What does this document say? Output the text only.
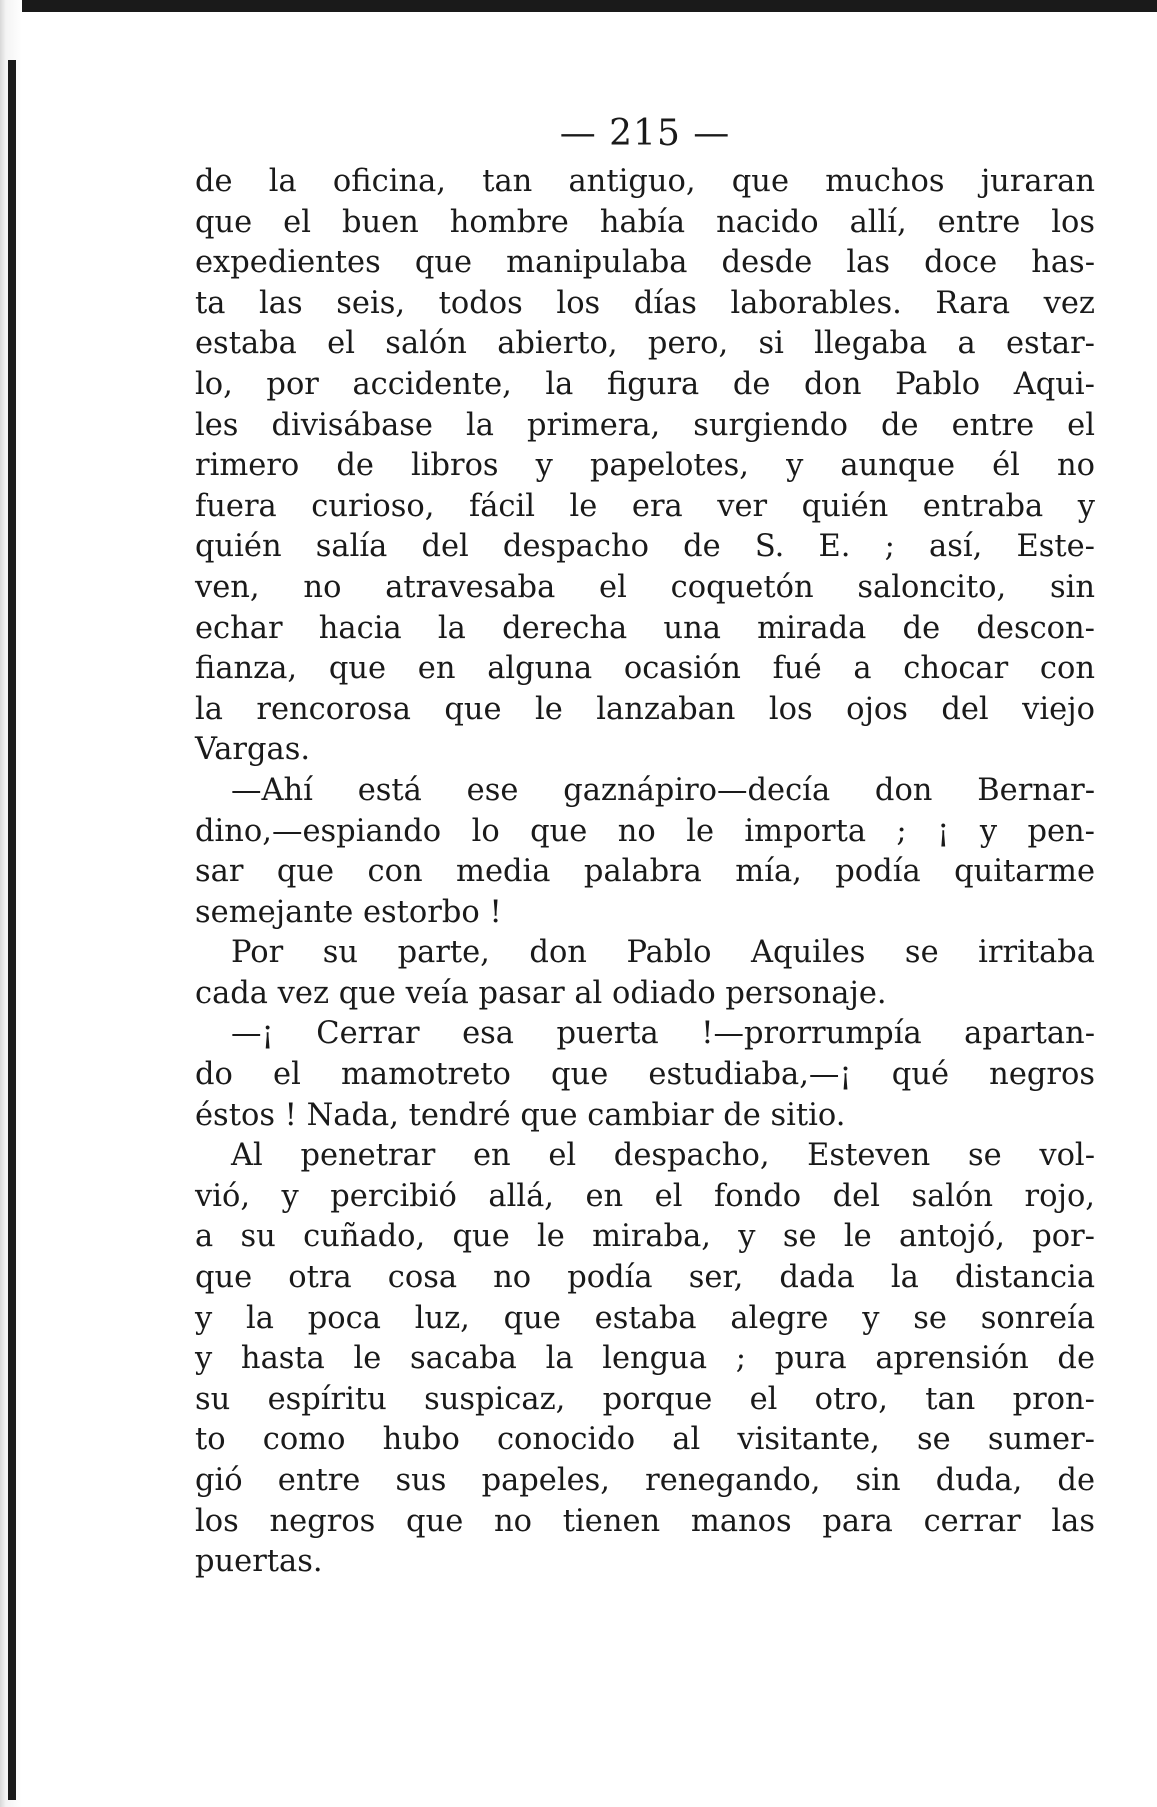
— 215 —
de la oficina, tan antiguo, que muchos juraran
que el buen hombre había nacido allí, entre los
expedientes que manipulaba desde las doce has-
ta las seis, todos los días laborables. Rara vez
estaba el salón abierto, pero, si llegaba a estar-
lo, por accidente, la figura de don Pablo Aqui-
les divisábase la primera, surgiendo de entre el
rimero de libros y papelotes, y aunque él no
fuera curioso, fácil le era ver quién entraba y
quién salía del despacho de S. E. ; así, Este-
ven, no atravesaba el coquetón saloncito, sin
echar hacia la derecha una mirada de descon-
fianza, que en alguna ocasión fué a chocar con
la rencorosa que le lanzaban los ojos del viejo
Vargas.
—Ahí está ese gaznápiro—decía don Bernar-
dino,—espiando lo que no le importa ; ¡ y pen-
sar que con media palabra mía, podía quitarme
semejante estorbo !
Por su parte, don Pablo Aquiles se irritaba
cada vez que veía pasar al odiado personaje.
—¡ Cerrar esa puerta !—prorrumpía apartan-
do el mamotreto que estudiaba,—¡ qué negros
éstos ! Nada, tendré que cambiar de sitio.
Al penetrar en el despacho, Esteven se vol-
vió, y percibió allá, en el fondo del salón rojo,
a su cuñado, que le miraba, y se le antojó, por-
que otra cosa no podía ser, dada la distancia
y la poca luz, que estaba alegre y se sonreía
y hasta le sacaba la lengua ; pura aprensión de
su espíritu suspicaz, porque el otro, tan pron-
to como hubo conocido al visitante, se sumer-
gió entre sus papeles, renegando, sin duda, de
los negros que no tienen manos para cerrar las
puertas.
